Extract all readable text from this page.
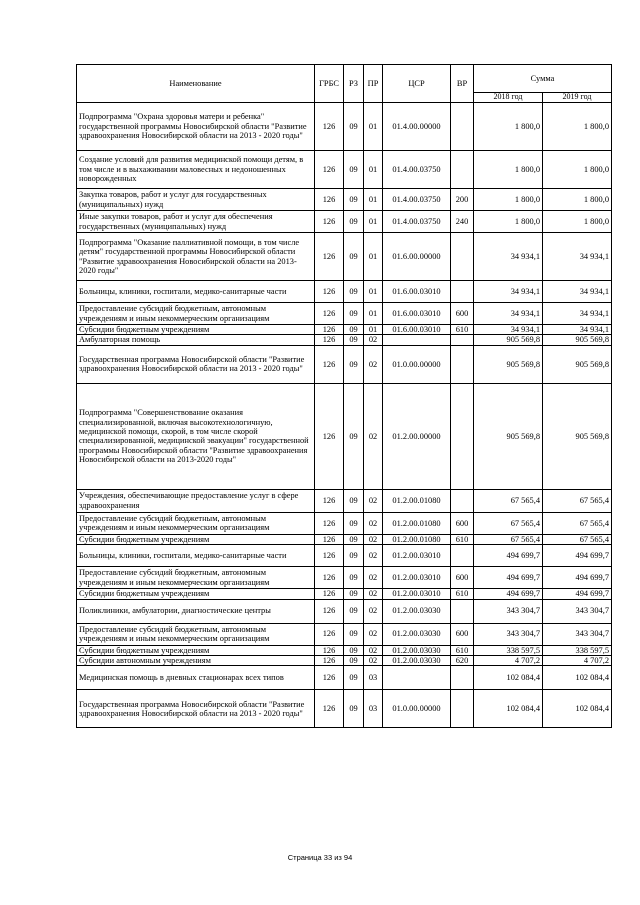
Наименование	ГРБС	РЗ	ПР	ЦСР	ВР	Сумма	
						2018 год	2019 год
Подпрограмма "Охрана здоровья матери и ребенка" государственной программы Новосибирской области "Развитие здравоохранения Новосибирской области на 2013 - 2020 годы"	126	09	01	01.4.00.00000		1 800,0	1 800,0
Создание условий для развития медицинской помощи детям, в том числе и в выхаживании маловесных и недоношенных новорожденных	126	09	01	01.4.00.03750		1 800,0	1 800,0
Закупка товаров, работ и услуг для государственных (муниципальных) нужд	126	09	01	01.4.00.03750	200	1 800,0	1 800,0
Иные закупки товаров, работ и услуг для обеспечения государственных (муниципальных) нужд	126	09	01	01.4.00.03750	240	1 800,0	1 800,0
Подпрограмма "Оказание паллиативной помощи, в том числе детям" государственной программы Новосибирской области "Развитие здравоохранения Новосибирской области на 2013-2020 годы"	126	09	01	01.6.00.00000		34 934,1	34 934,1
Больницы, клиники, госпитали, медико-санитарные части	126	09	01	01.6.00.03010		34 934,1	34 934,1
Предоставление субсидий бюджетным, автономным учреждениям и иным некоммерческим организациям	126	09	01	01.6.00.03010	600	34 934,1	34 934,1
Субсидии бюджетным учреждениям	126	09	01	01.6.00.03010	610	34 934,1	34 934,1
Амбулаторная помощь	126	09	02			905 569,8	905 569,8
Государственная программа Новосибирской области "Развитие здравоохранения Новосибирской области на 2013 - 2020 годы"	126	09	02	01.0.00.00000		905 569,8	905 569,8
Подпрограмма "Совершенствование оказания специализированной, включая высокотехнологичную, медицинской помощи, скорой, в том числе скорой специализированной, медицинской эвакуации" государственной программы Новосибирской области "Развитие здравоохранения Новосибирской области на 2013-2020 годы"	126	09	02	01.2.00.00000		905 569,8	905 569,8
Учреждения, обеспечивающие предоставление услуг в сфере здравоохранения	126	09	02	01.2.00.01080		67 565,4	67 565,4
Предоставление субсидий бюджетным, автономным учреждениям и иным некоммерческим организациям	126	09	02	01.2.00.01080	600	67 565,4	67 565,4
Субсидии бюджетным учреждениям	126	09	02	01.2.00.01080	610	67 565,4	67 565,4
Больницы, клиники, госпитали, медико-санитарные части	126	09	02	01.2.00.03010		494 699,7	494 699,7
Предоставление субсидий бюджетным, автономным учреждениям и иным некоммерческим организациям	126	09	02	01.2.00.03010	600	494 699,7	494 699,7
Субсидии бюджетным учреждениям	126	09	02	01.2.00.03010	610	494 699,7	494 699,7
Поликлиники, амбулатории, диагностические центры	126	09	02	01.2.00.03030		343 304,7	343 304,7
Предоставление субсидий бюджетным, автономным учреждениям и иным некоммерческим организациям	126	09	02	01.2.00.03030	600	343 304,7	343 304,7
Субсидии бюджетным учреждениям	126	09	02	01.2.00.03030	610	338 597,5	338 597,5
Субсидии автономным учреждениям	126	09	02	01.2.00.03030	620	4 707,2	4 707,2
Медицинская помощь в дневных стационарах всех типов	126	09	03			102 084,4	102 084,4
Государственная программа Новосибирской области "Развитие здравоохранения Новосибирской области на 2013 - 2020 годы"	126	09	03	01.0.00.00000		102 084,4	102 084,4
Страница 33 из 94
